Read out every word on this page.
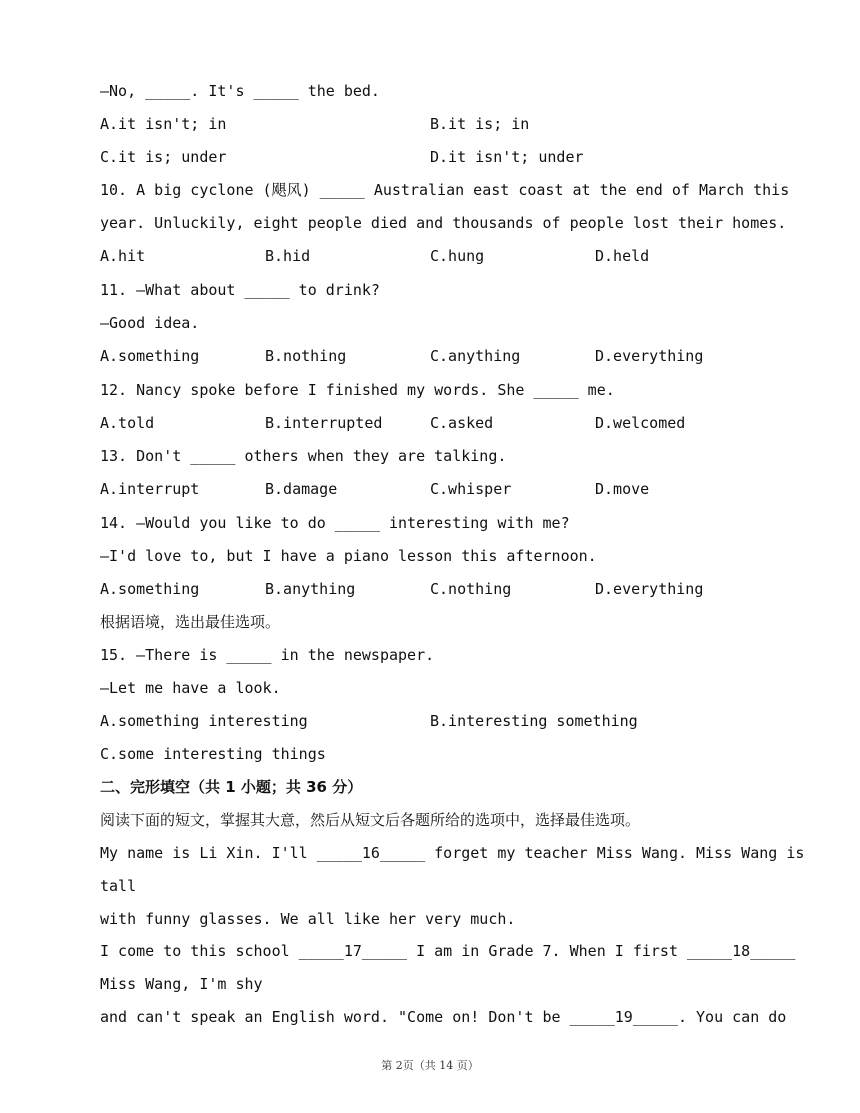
—No, _____. It's _____ the bed.
A.it isn't; in	B.it is; in
C.it is; under	D.it isn't; under
10. A big cyclone (飓风) _____ Australian east coast at the end of March this
year. Unluckily, eight people died and thousands of people lost their homes.
A.hit	B.hid	C.hung	D.held
11. —What about _____ to drink?
—Good idea.
A.something	B.nothing	C.anything	D.everything
12. Nancy spoke before I finished my words. She _____ me.
A.told	B.interrupted	C.asked	D.welcomed
13. Don't _____ others when they are talking.
A.interrupt	B.damage	C.whisper	D.move
14. —Would you like to do _____ interesting with me?
—I'd love to, but I have a piano lesson this afternoon.
A.something	B.anything	C.nothing	D.everything
根据语境，选出最佳选项。
15. —There is _____ in the newspaper.
—Let me have a look.
A.something interesting	B.interesting something
C.some interesting things
二、完形填空（共 1 小题；共 36 分）
阅读下面的短文，掌握其大意，然后从短文后各题所给的选项中，选择最佳选项。
My name is Li Xin. I'll _____16_____ forget my teacher Miss Wang. Miss Wang is
tall
with funny glasses. We all like her very much.
I come to this school _____17_____ I am in Grade 7. When I first _____18_____
Miss Wang, I'm shy
and can't speak an English word. "Come on! Don't be _____19_____. You can do
第 2页（共 14 页）
